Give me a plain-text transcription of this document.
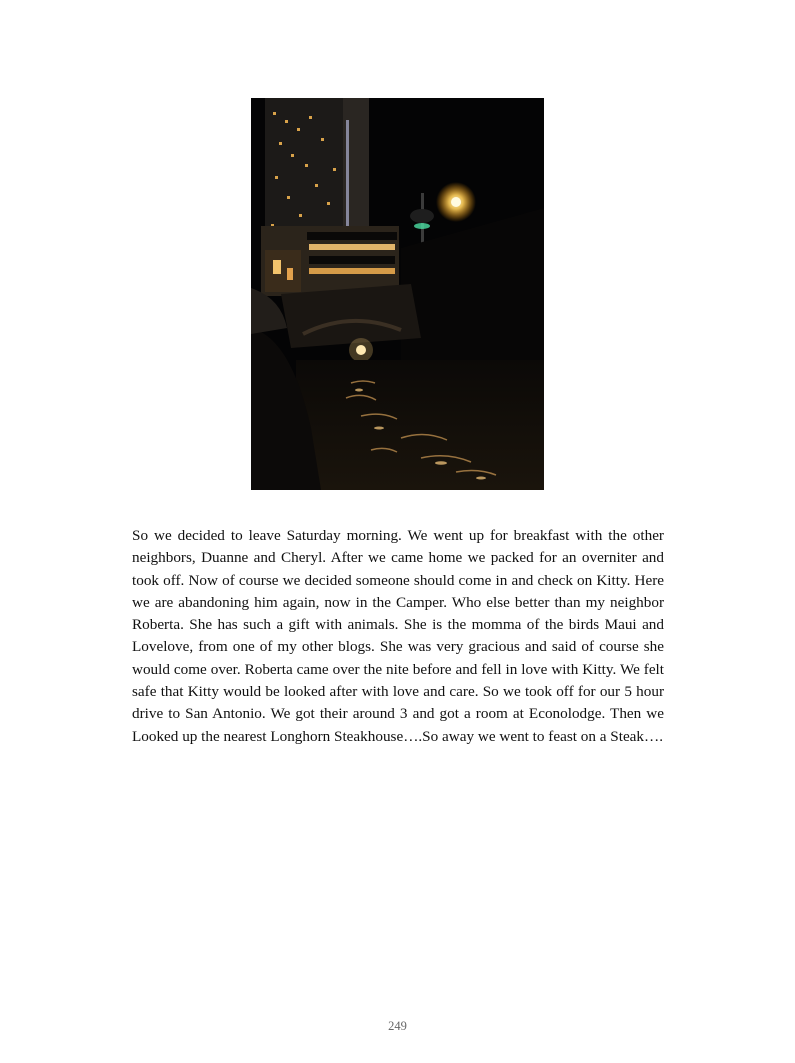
So we decided to leave Saturday morning. We went up for breakfast with the other neighbors, Duanne and Cheryl. After we came home we packed for an overniter and took off. Now of course we decided someone should come in and check on Kitty. Here we are abandoning him again, now in the Camper. Who else better than my neighbor Roberta. She has such a gift with animals. She is the momma of the birds Maui and Lovelove, from one of my other blogs. She was very gracious and said of course she would come over. Roberta came over the nite before and fell in love with Kitty. We felt safe that Kitty would be looked after with love and care. So we took off for our 5 hour drive to San Antonio. We got their around 3 and got a room at Econolodge. Then we Looked up the nearest Longhorn Steakhouse….So away we went to feast on a Steak….

249
